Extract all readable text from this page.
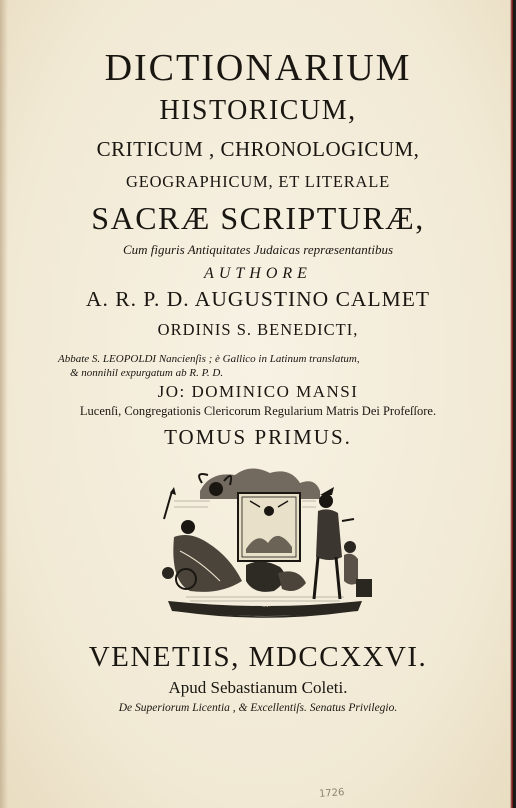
DICTIONARIUM
HISTORICUM,
CRITICUM , CHRONOLOGICUM,
GEOGRAPHICUM, ET LITERALE
SACRÆ SCRIPTURÆ,
Cum figuris Antiquitates Judaicas repræsentantibus
AUTHORE
A. R. P. D. AUGUSTINO CALMET
ORDINIS S. BENEDICTI,
Abbate S. LEOPOLDI Nancienſis ; è Gallico in Latinum translatum,
& nonnihil expurgatum ab R. P. D.
JO: DOMINICO MANSI
Lucenſi, Congregationis Clericorum Regularium Matris Dei Profeſſore.
TOMUS PRIMUS.
G.F.
VENETIIS, MDCCXXVI.
Apud Sebastianum Coleti.
De Superiorum Licentia , & Excellentiſs. Senatus Privilegio.
1726
